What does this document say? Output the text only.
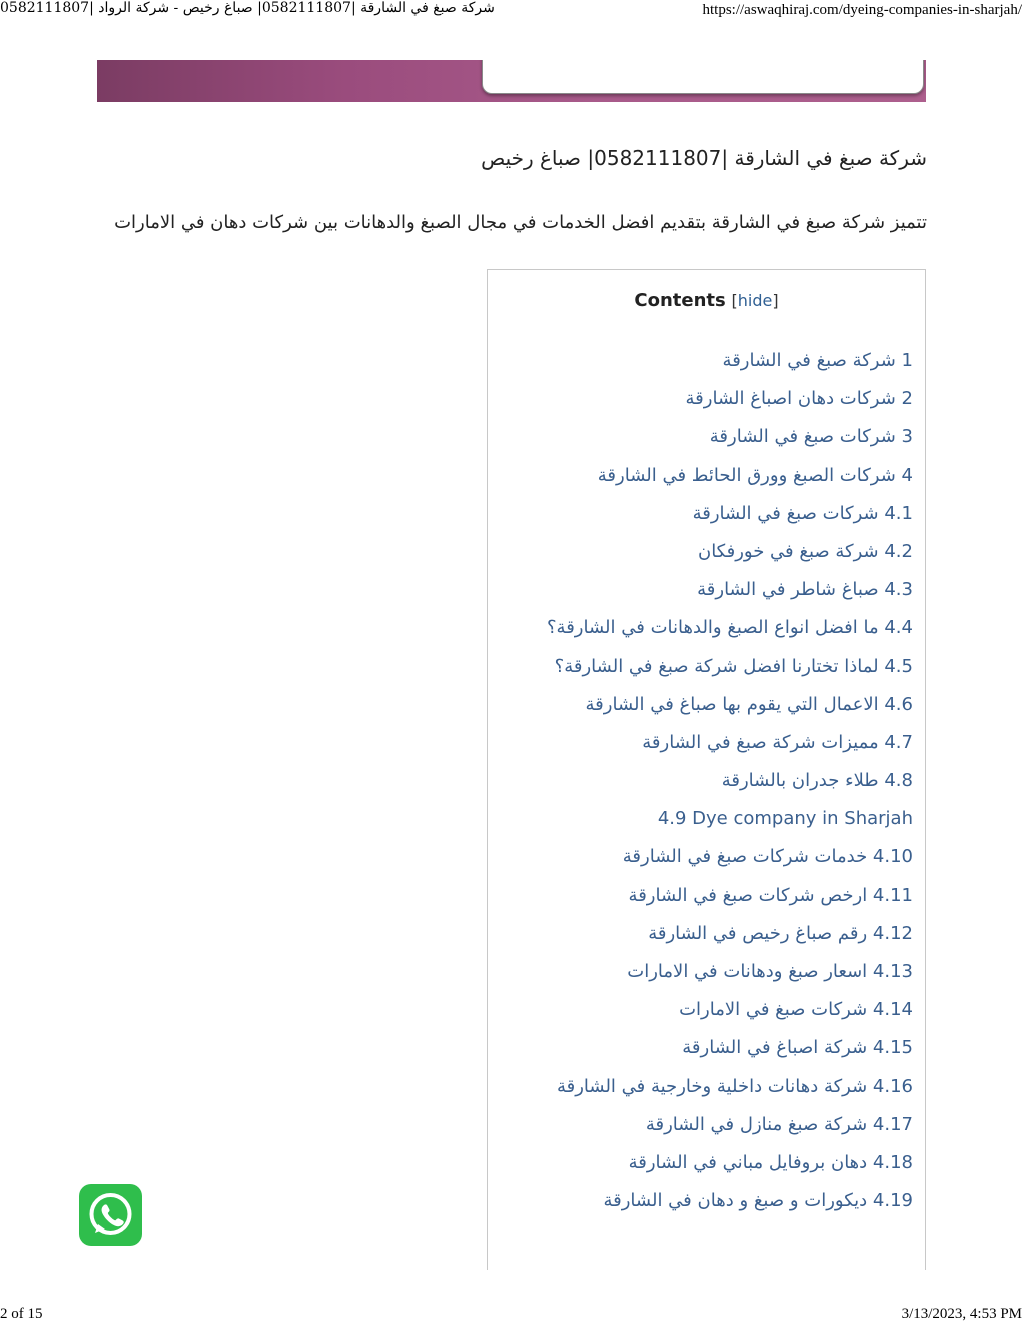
شركة صبغ في الشارقة |0582111807| صباغ رخيص - شركة الرواد |0582111807	https://aswaqhiraj.com/dyeing-companies-in-sharjah/
شركة صبغ في الشارقة |0582111807| صباغ رخيص
تتميز شركة صبغ في الشارقة بتقديم افضل الخدمات في مجال الصبغ والدهانات بين شركات دهان في الامارات
Contents [hide]
1 شركة صبغ في الشارقة
2 شركات دهان اصباغ الشارقة
3 شركات صبغ في الشارقة
4 شركات الصبغ وورق الحائط في الشارقة
4.1 شركات صبغ في الشارقة
4.2 شركة صبغ في خورفكان
4.3 صباغ شاطر في الشارقة
4.4 ما افضل انواع الصبغ والدهانات في الشارقة؟
4.5 لماذا تختارنا افضل شركة صبغ في الشارقة؟
4.6 الاعمال التي يقوم بها صباغ في الشارقة
4.7 مميزات شركة صبغ في الشارقة
4.8 طلاء جدران بالشارقة
4.9 Dye company in Sharjah
4.10 خدمات شركات صبغ في الشارقة
4.11 ارخص شركات صبغ في الشارقة
4.12 رقم صباغ رخيص في الشارقة
4.13 اسعار صبغ ودهانات في الامارات
4.14 شركات صبغ في الامارات
4.15 شركة اصباغ في الشارقة
4.16 شركة دهانات داخلية وخارجية في الشارقة
4.17 شركة صبغ منازل في الشارقة
4.18 دهان بروفايل مباني في الشارقة
4.19 ديكورات و صبغ و دهان في الشارقة
2 of 15	3/13/2023, 4:53 PM
